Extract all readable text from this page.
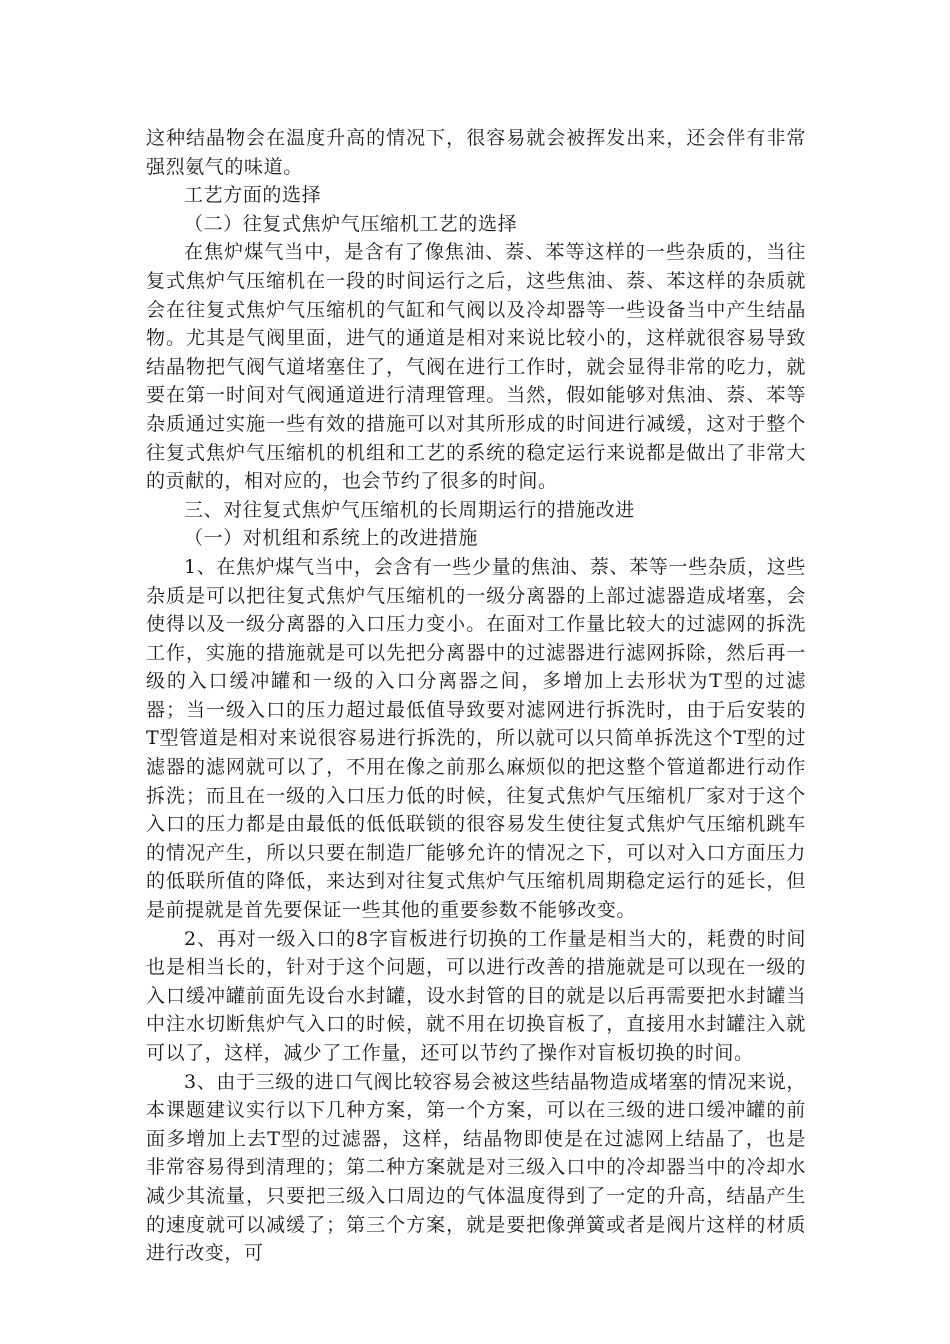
这种结晶物会在温度升高的情况下，很容易就会被挥发出来，还会伴有非常强烈氨气的味道。

工艺方面的选择

（二）往复式焦炉气压缩机工艺的选择

在焦炉煤气当中，是含有了像焦油、萘、苯等这样的一些杂质的，当往复式焦炉气压缩机在一段的时间运行之后，这些焦油、萘、苯这样的杂质就会在往复式焦炉气压缩机的气缸和气阀以及冷却器等一些设备当中产生结晶物。尤其是气阀里面，进气的通道是相对来说比较小的，这样就很容易导致结晶物把气阀气道堵塞住了，气阀在进行工作时，就会显得非常的吃力，就要在第一时间对气阀通道进行清理管理。当然，假如能够对焦油、萘、苯等杂质通过实施一些有效的措施可以对其所形成的时间进行减缓，这对于整个往复式焦炉气压缩机的机组和工艺的系统的稳定运行来说都是做出了非常大的贡献的，相对应的，也会节约了很多的时间。

三、对往复式焦炉气压缩机的长周期运行的措施改进

（一）对机组和系统上的改进措施

1、在焦炉煤气当中，会含有一些少量的焦油、萘、苯等一些杂质，这些杂质是可以把往复式焦炉气压缩机的一级分离器的上部过滤器造成堵塞，会使得以及一级分离器的入口压力变小。在面对工作量比较大的过滤网的拆洗工作，实施的措施就是可以先把分离器中的过滤器进行滤网拆除，然后再一级的入口缓冲罐和一级的入口分离器之间，多增加上去形状为T型的过滤器；当一级入口的压力超过最低值导致要对滤网进行拆洗时，由于后安装的T型管道是相对来说很容易进行拆洗的，所以就可以只简单拆洗这个T型的过滤器的滤网就可以了，不用在像之前那么麻烦似的把这整个管道都进行动作拆洗；而且在一级的入口压力低的时候，往复式焦炉气压缩机厂家对于这个入口的压力都是由最低的低低联锁的很容易发生使往复式焦炉气压缩机跳车的情况产生，所以只要在制造厂能够允许的情况之下，可以对入口方面压力的低联所值的降低，来达到对往复式焦炉气压缩机周期稳定运行的延长，但是前提就是首先要保证一些其他的重要参数不能够改变。

2、再对一级入口的8字盲板进行切换的工作量是相当大的，耗费的时间也是相当长的，针对于这个问题，可以进行改善的措施就是可以现在一级的入口缓冲罐前面先设台水封罐，设水封管的目的就是以后再需要把水封罐当中注水切断焦炉气入口的时候，就不用在切换盲板了，直接用水封罐注入就可以了，这样，减少了工作量，还可以节约了操作对盲板切换的时间。

3、由于三级的进口气阀比较容易会被这些结晶物造成堵塞的情况来说，本课题建议实行以下几种方案，第一个方案，可以在三级的进口缓冲罐的前面多增加上去T型的过滤器，这样，结晶物即使是在过滤网上结晶了，也是非常容易得到清理的；第二种方案就是对三级入口中的冷却器当中的冷却水减少其流量，只要把三级入口周边的气体温度得到了一定的升高，结晶产生的速度就可以减缓了；第三个方案，就是要把像弹簧或者是阀片这样的材质进行改变，可
